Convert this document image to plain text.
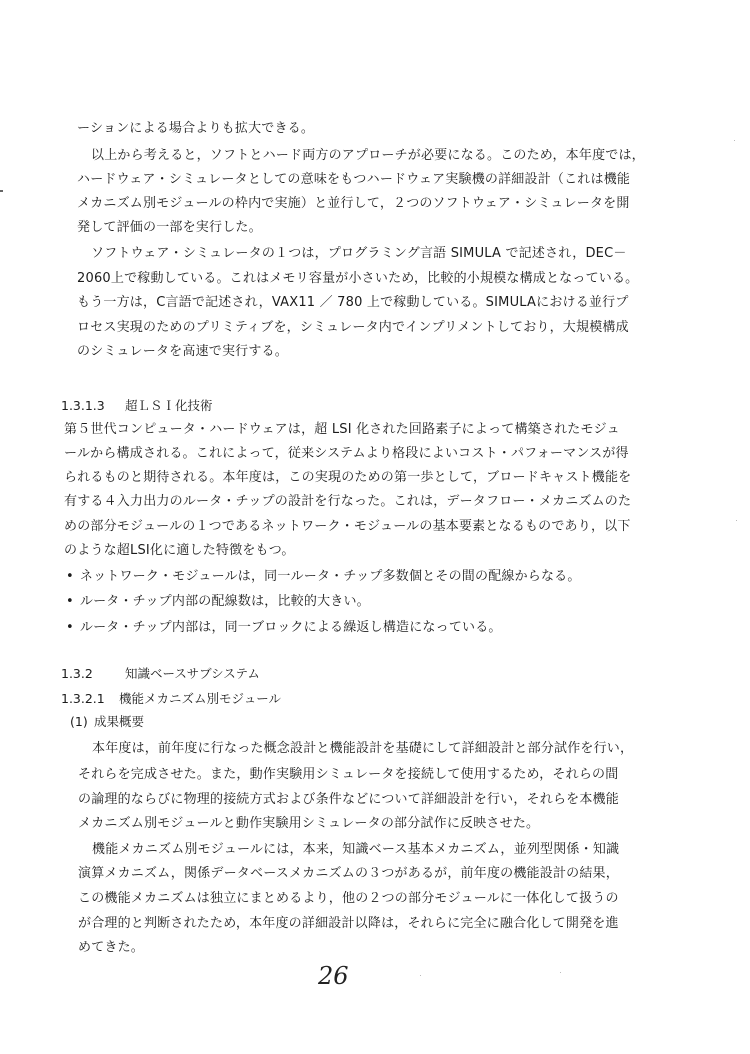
ーションによる場合よりも拡大できる。
以上から考えると，ソフトとハード両方のアプローチが必要になる。このため，本年度では，
ハードウェア・シミュレータとしての意味をもつハードウェア実験機の詳細設計（これは機能
メカニズム別モジュールの枠内で実施）と並行して，２つのソフトウェア・シミュレータを開
発して評価の一部を実行した。
ソフトウェア・シミュレータの１つは，プログラミング言語 SIMULA で記述され，DEC－
2060上で稼動している。これはメモリ容量が小さいため，比較的小規模な構成となっている。
もう一方は，C言語で記述され，VAX11 ／ 780 上で稼動している。SIMULAにおける並行プ
ロセス実現のためのプリミティブを，シミュレータ内でインプリメントしており，大規模構成
のシミュレータを高速で実行する。
1.3.1.3 超ＬＳＩ化技術
第５世代コンピュータ・ハードウェアは，超 LSI 化された回路素子によって構築されたモジュ
ールから構成される。これによって，従来システムより格段によいコスト・パフォーマンスが得
られるものと期待される。本年度は，この実現のための第一歩として，ブロードキャスト機能を
有する４入力出力のルータ・チップの設計を行なった。これは，データフロー・メカニズムのた
めの部分モジュールの１つであるネットワーク・モジュールの基本要素となるものであり，以下
のような超LSI化に適した特徴をもつ。
• ネットワーク・モジュールは，同一ルータ・チップ多数個とその間の配線からなる。
• ルータ・チップ内部の配線数は，比較的大きい。
• ルータ・チップ内部は，同一ブロックによる繰返し構造になっている。
1.3.2	知識ベースサブシステム
1.3.2.1 機能メカニズム別モジュール
(1) 成果概要
本年度は，前年度に行なった概念設計と機能設計を基礎にして詳細設計と部分試作を行い，
それらを完成させた。また，動作実験用シミュレータを接続して使用するため，それらの間
の論理的ならびに物理的接続方式および条件などについて詳細設計を行い，それらを本機能
メカニズム別モジュールと動作実験用シミュレータの部分試作に反映させた。
機能メカニズム別モジュールには，本来，知識ベース基本メカニズム，並列型関係・知識
演算メカニズム，関係データベースメカニズムの３つがあるが，前年度の機能設計の結果，
この機能メカニズムは独立にまとめるより，他の２つの部分モジュールに一体化して扱うの
が合理的と判断されたため，本年度の詳細設計以降は，それらに完全に融合化して開発を進
めてきた。
26
